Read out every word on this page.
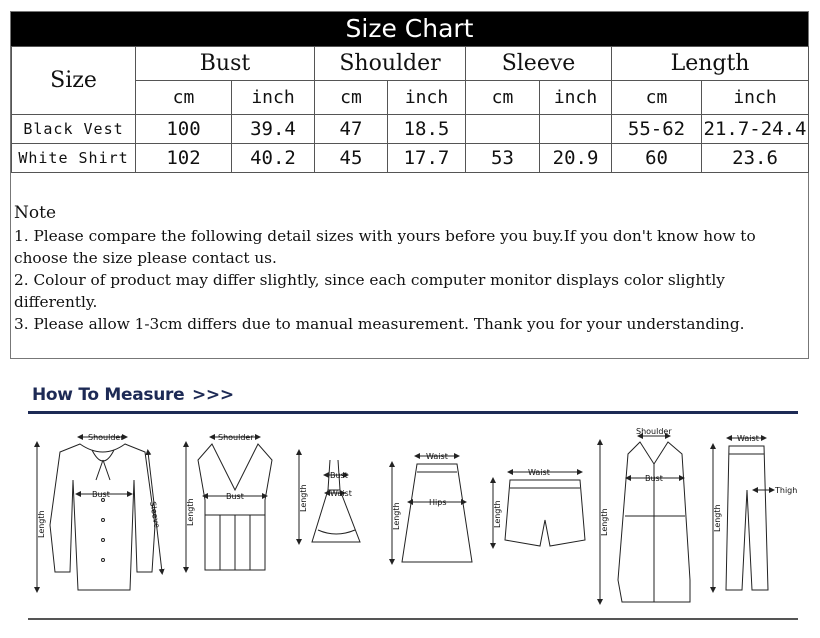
Size Chart
Size	Bust		Shoulder		Sleeve		Length	
	cm	inch	cm	inch	cm	inch	cm	inch
Black Vest	100	39.4	47	18.5			55-62	21.7-24.4
White Shirt	102	40.2	45	17.7	53	20.9	60	23.6
Note
1. Please compare the following detail sizes with yours before you buy.If you don't know how to choose the size please contact us.
2. Colour of product may differ slightly, since each computer monitor displays color slightly differently.
3. Please allow 1-3cm differs due to manual measurement. Thank you for your understanding.
How To Measure >>>
Shoulder
Bust
Length	Sleeve
Shoulder
Bust
Length
Bust
Waist
Length
Waist
Hips
Length
Waist
Length
Shoulder
Bust
Length
Waist
Thigh
Length
